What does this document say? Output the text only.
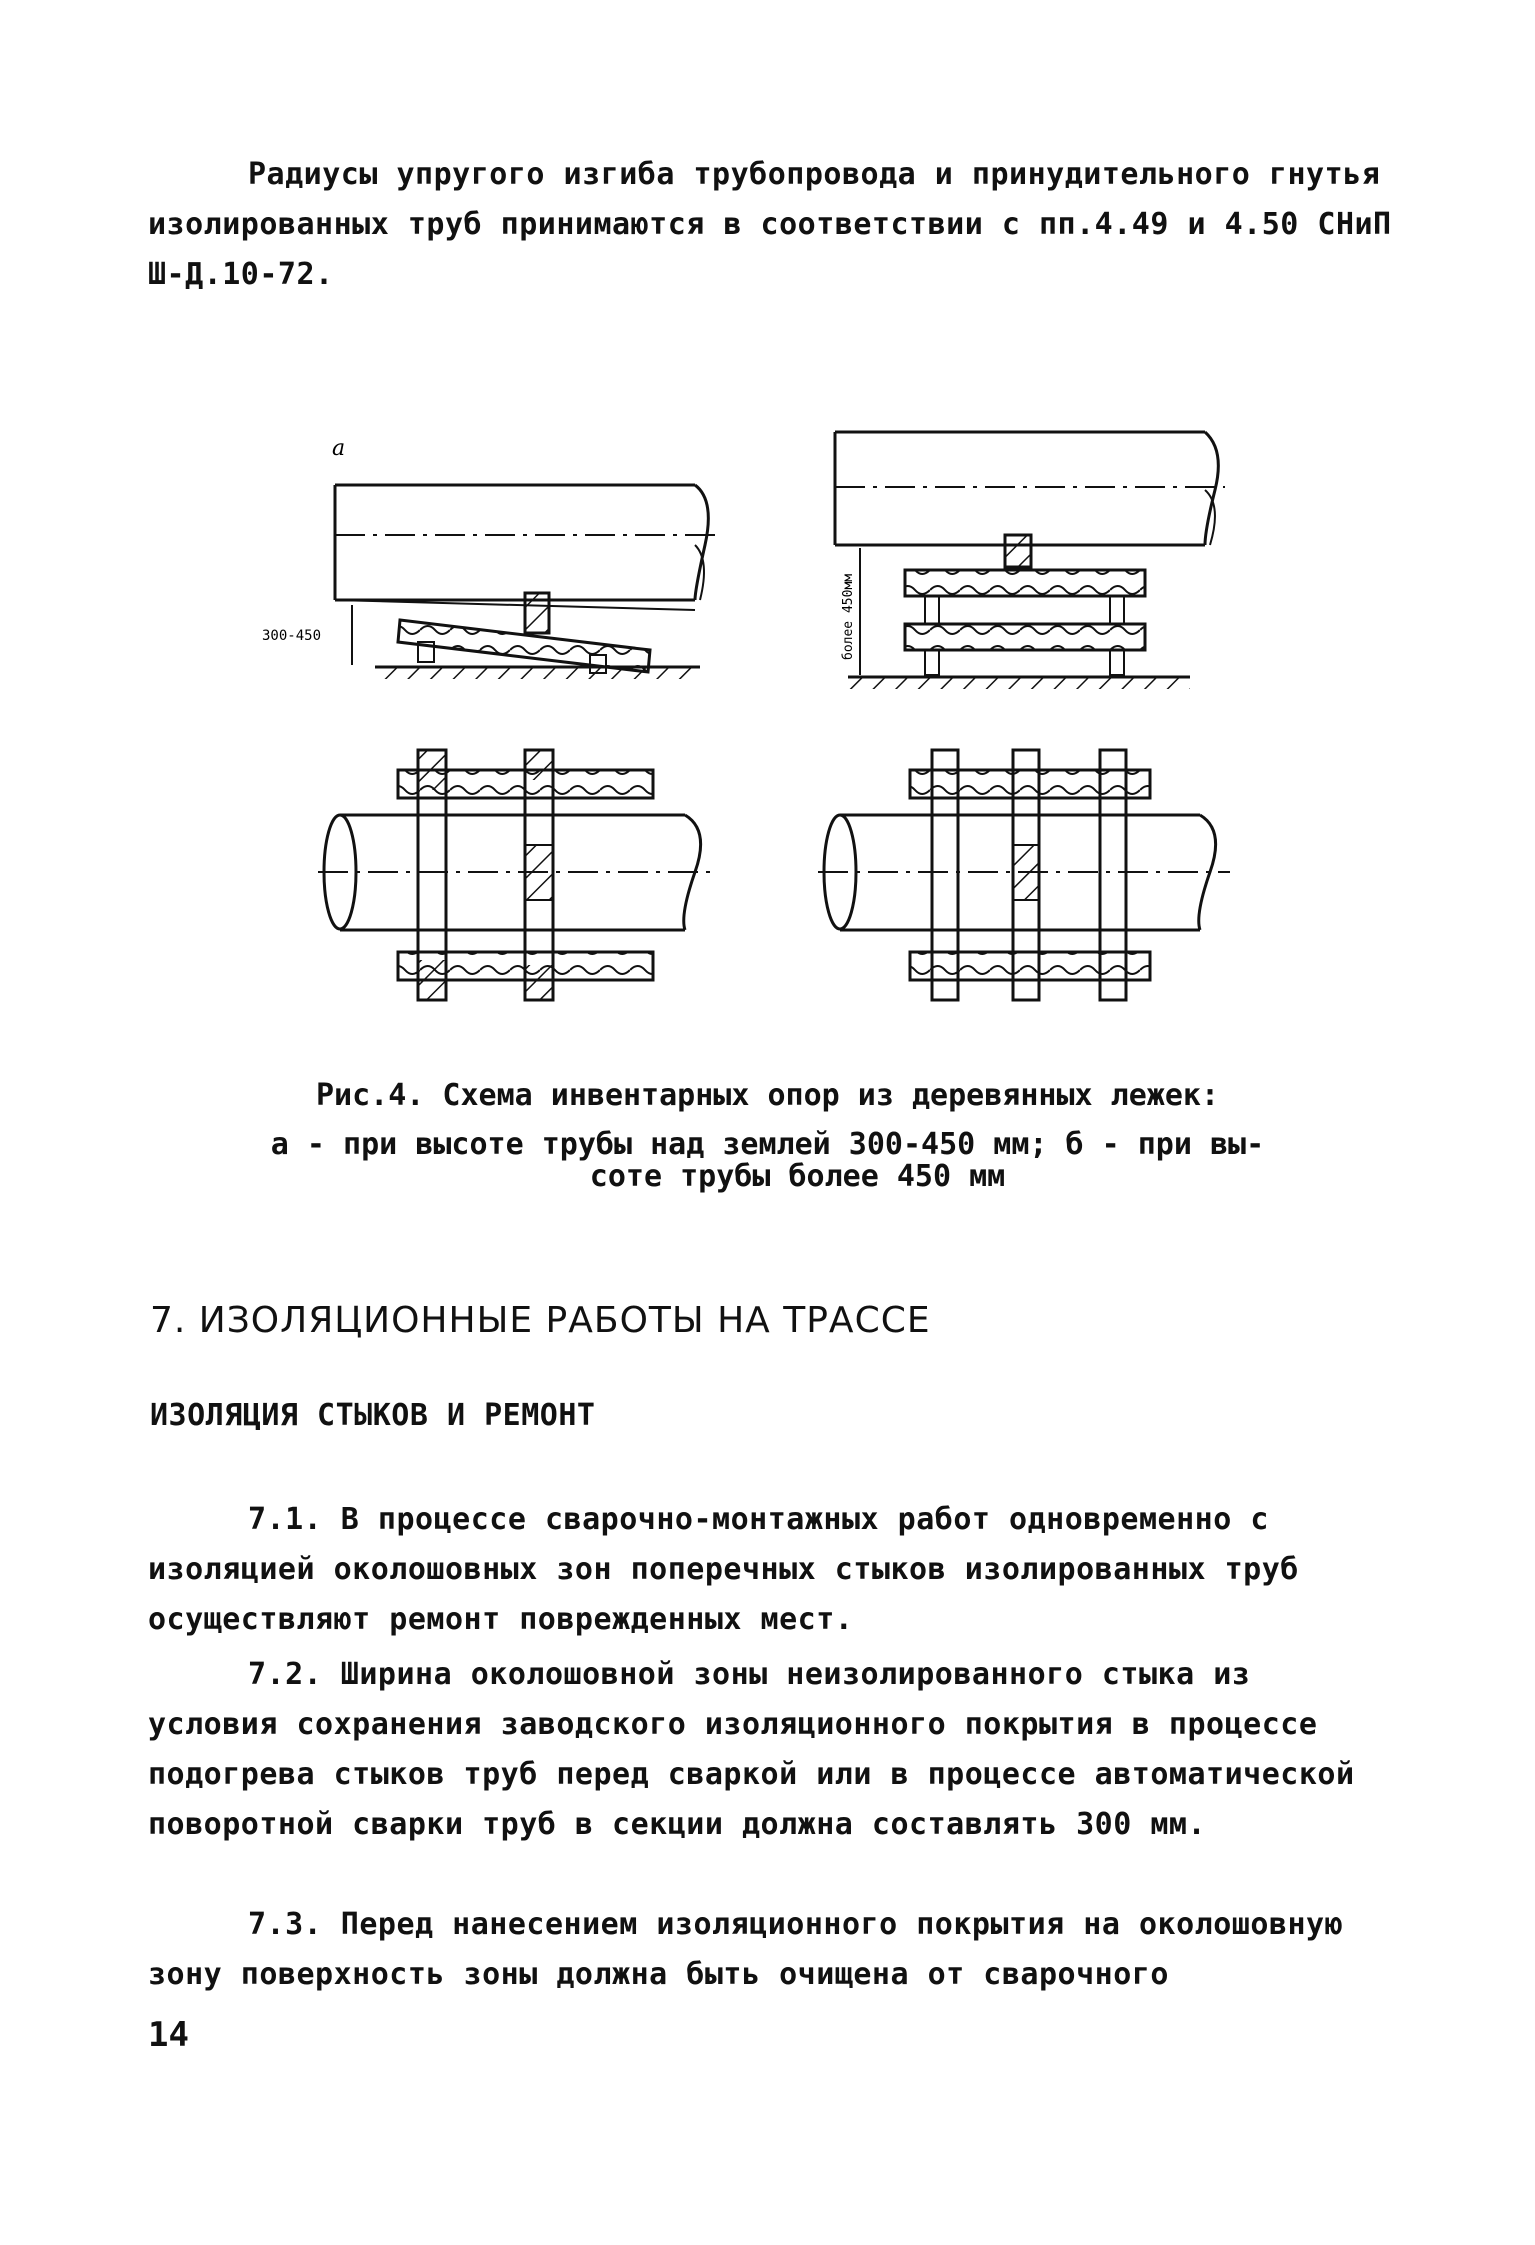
Радиусы упругого изгиба трубопровода и принудительного гнутья изолированных труб принимаются в соответствии с пп.4.49 и 4.50 СНиП Ш-Д.10-72.
а
300-450	более 450мм
Рис.4. Схема инвентарных опор из деревянных лежек:
а - при высоте трубы над землей 300-450 мм; б - при вы-
соте трубы более 450 мм
7. ИЗОЛЯЦИОННЫЕ РАБОТЫ НА ТРАССЕ
ИЗОЛЯЦИЯ СТЫКОВ И РЕМОНТ
7.1. В процессе сварочно-монтажных работ одновременно с изоляцией околошовных зон поперечных стыков изолированных труб осуществляют ремонт поврежденных мест.
7.2. Ширина околошовной зоны неизолированного стыка из условия сохранения заводского изоляционного покрытия в процессе подогрева стыков труб перед сваркой или в процессе автоматической поворотной сварки труб в секции должна составлять 300 мм.
7.3. Перед нанесением изоляционного покрытия на околошовную зону поверхность зоны должна быть очищена от сварочного
14
